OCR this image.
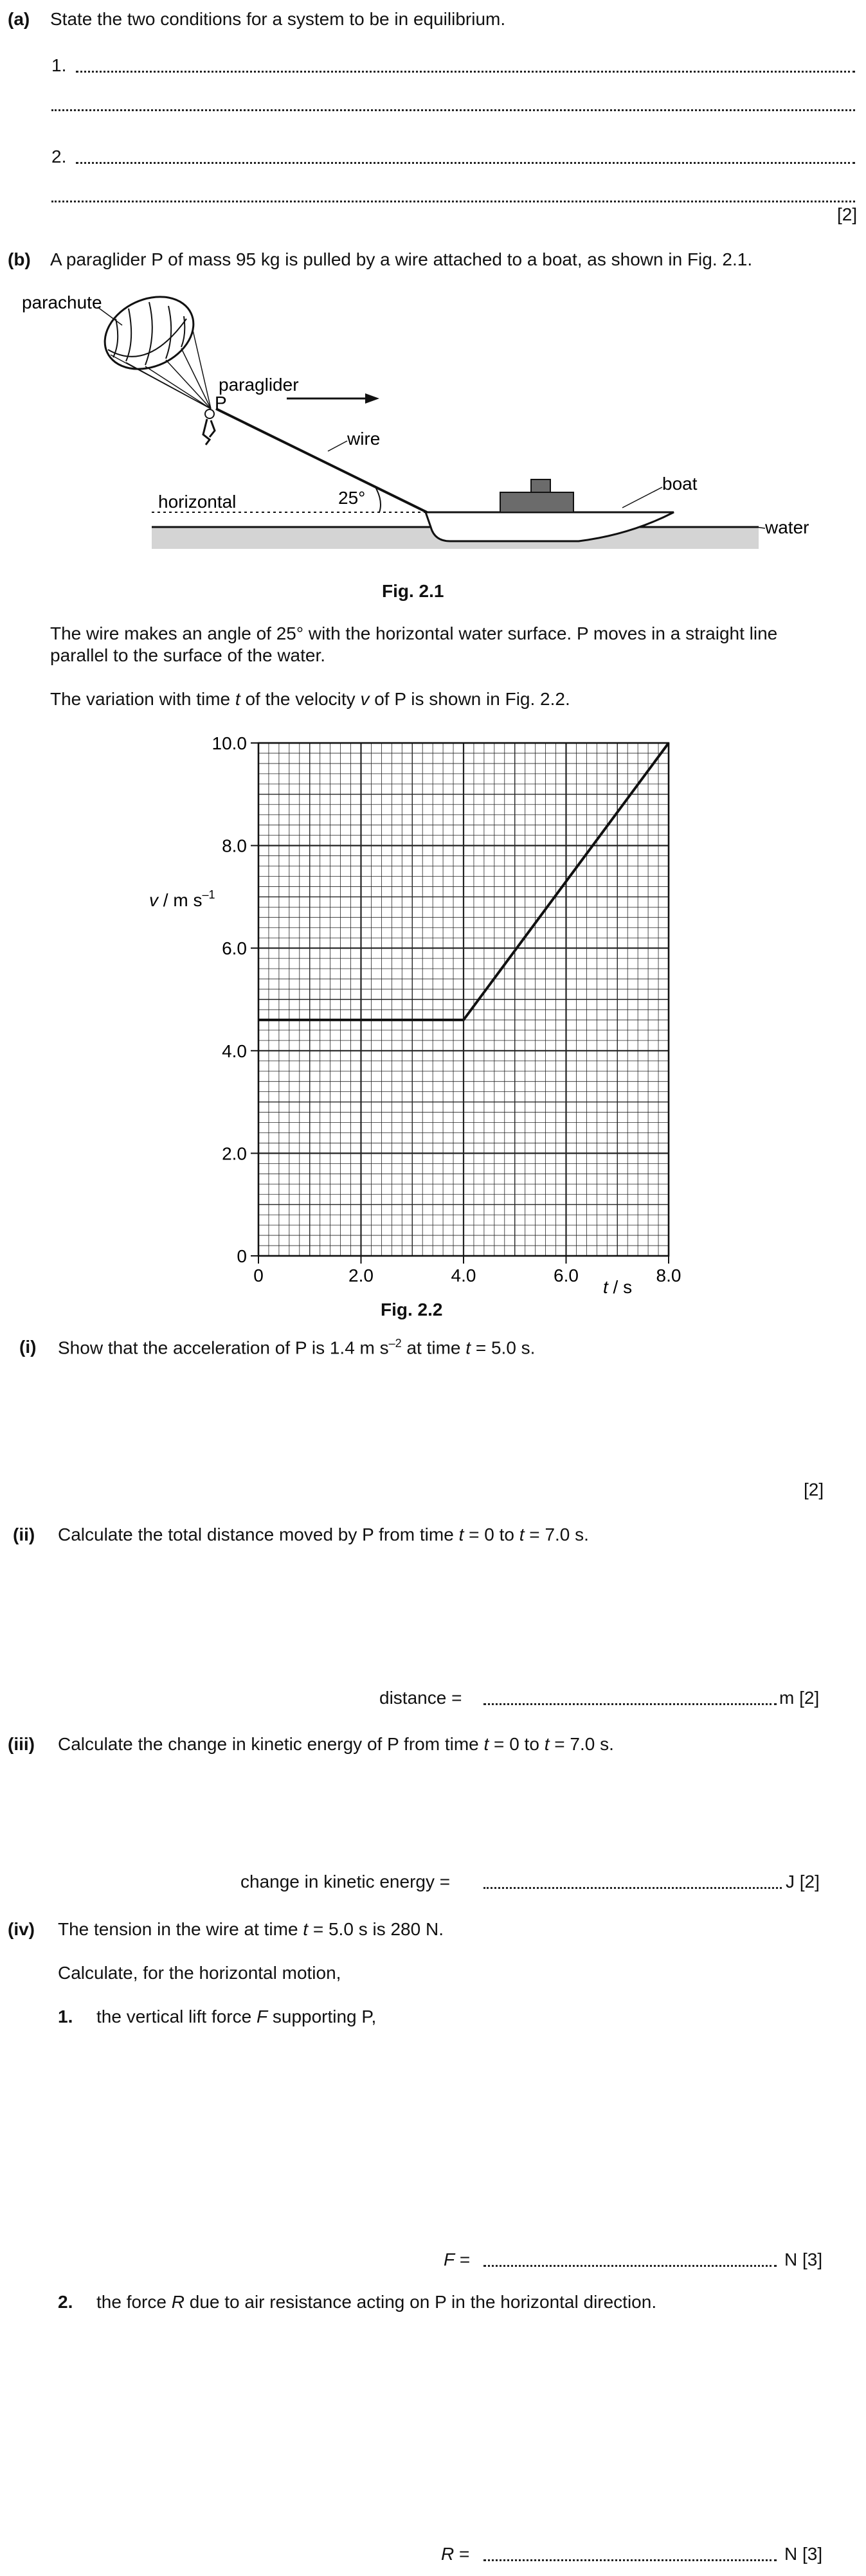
(a) State the two conditions for a system to be in equilibrium.
1.
2.
[2]
(b) A paraglider P of mass 95 kg is pulled by a wire attached to a boat, as shown in Fig. 2.1.
parachute
paraglider
P
wire
horizontal	25°
boat
water
Fig. 2.1
The wire makes an angle of 25° with the horizontal water surface. P moves in a straight line
parallel to the surface of the water.
The variation with time t of the velocity v of P is shown in Fig. 2.2.
0	2.0	4.0	6.0	8.0
0
2.0
4.0
6.0
8.0
10.0
v / m $s^{-1}$
t / s
Fig. 2.2
(i) Show that the acceleration of P is 1.4 m $s^{-2}$ at time t = 5.0 s.
[2]
(ii) Calculate the total distance moved by P from time t = 0 to t = 7.0 s.
distance =	m [2]
(iii) Calculate the change in kinetic energy of P from time t = 0 to t = 7.0 s.
change in kinetic energy =	J [2]
(iv) The tension in the wire at time t = 5.0 s is 280 N.
Calculate, for the horizontal motion,
1. the vertical lift force F supporting P,
F =	N [3]
2. the force R due to air resistance acting on P in the horizontal direction.
R =	N [3]
